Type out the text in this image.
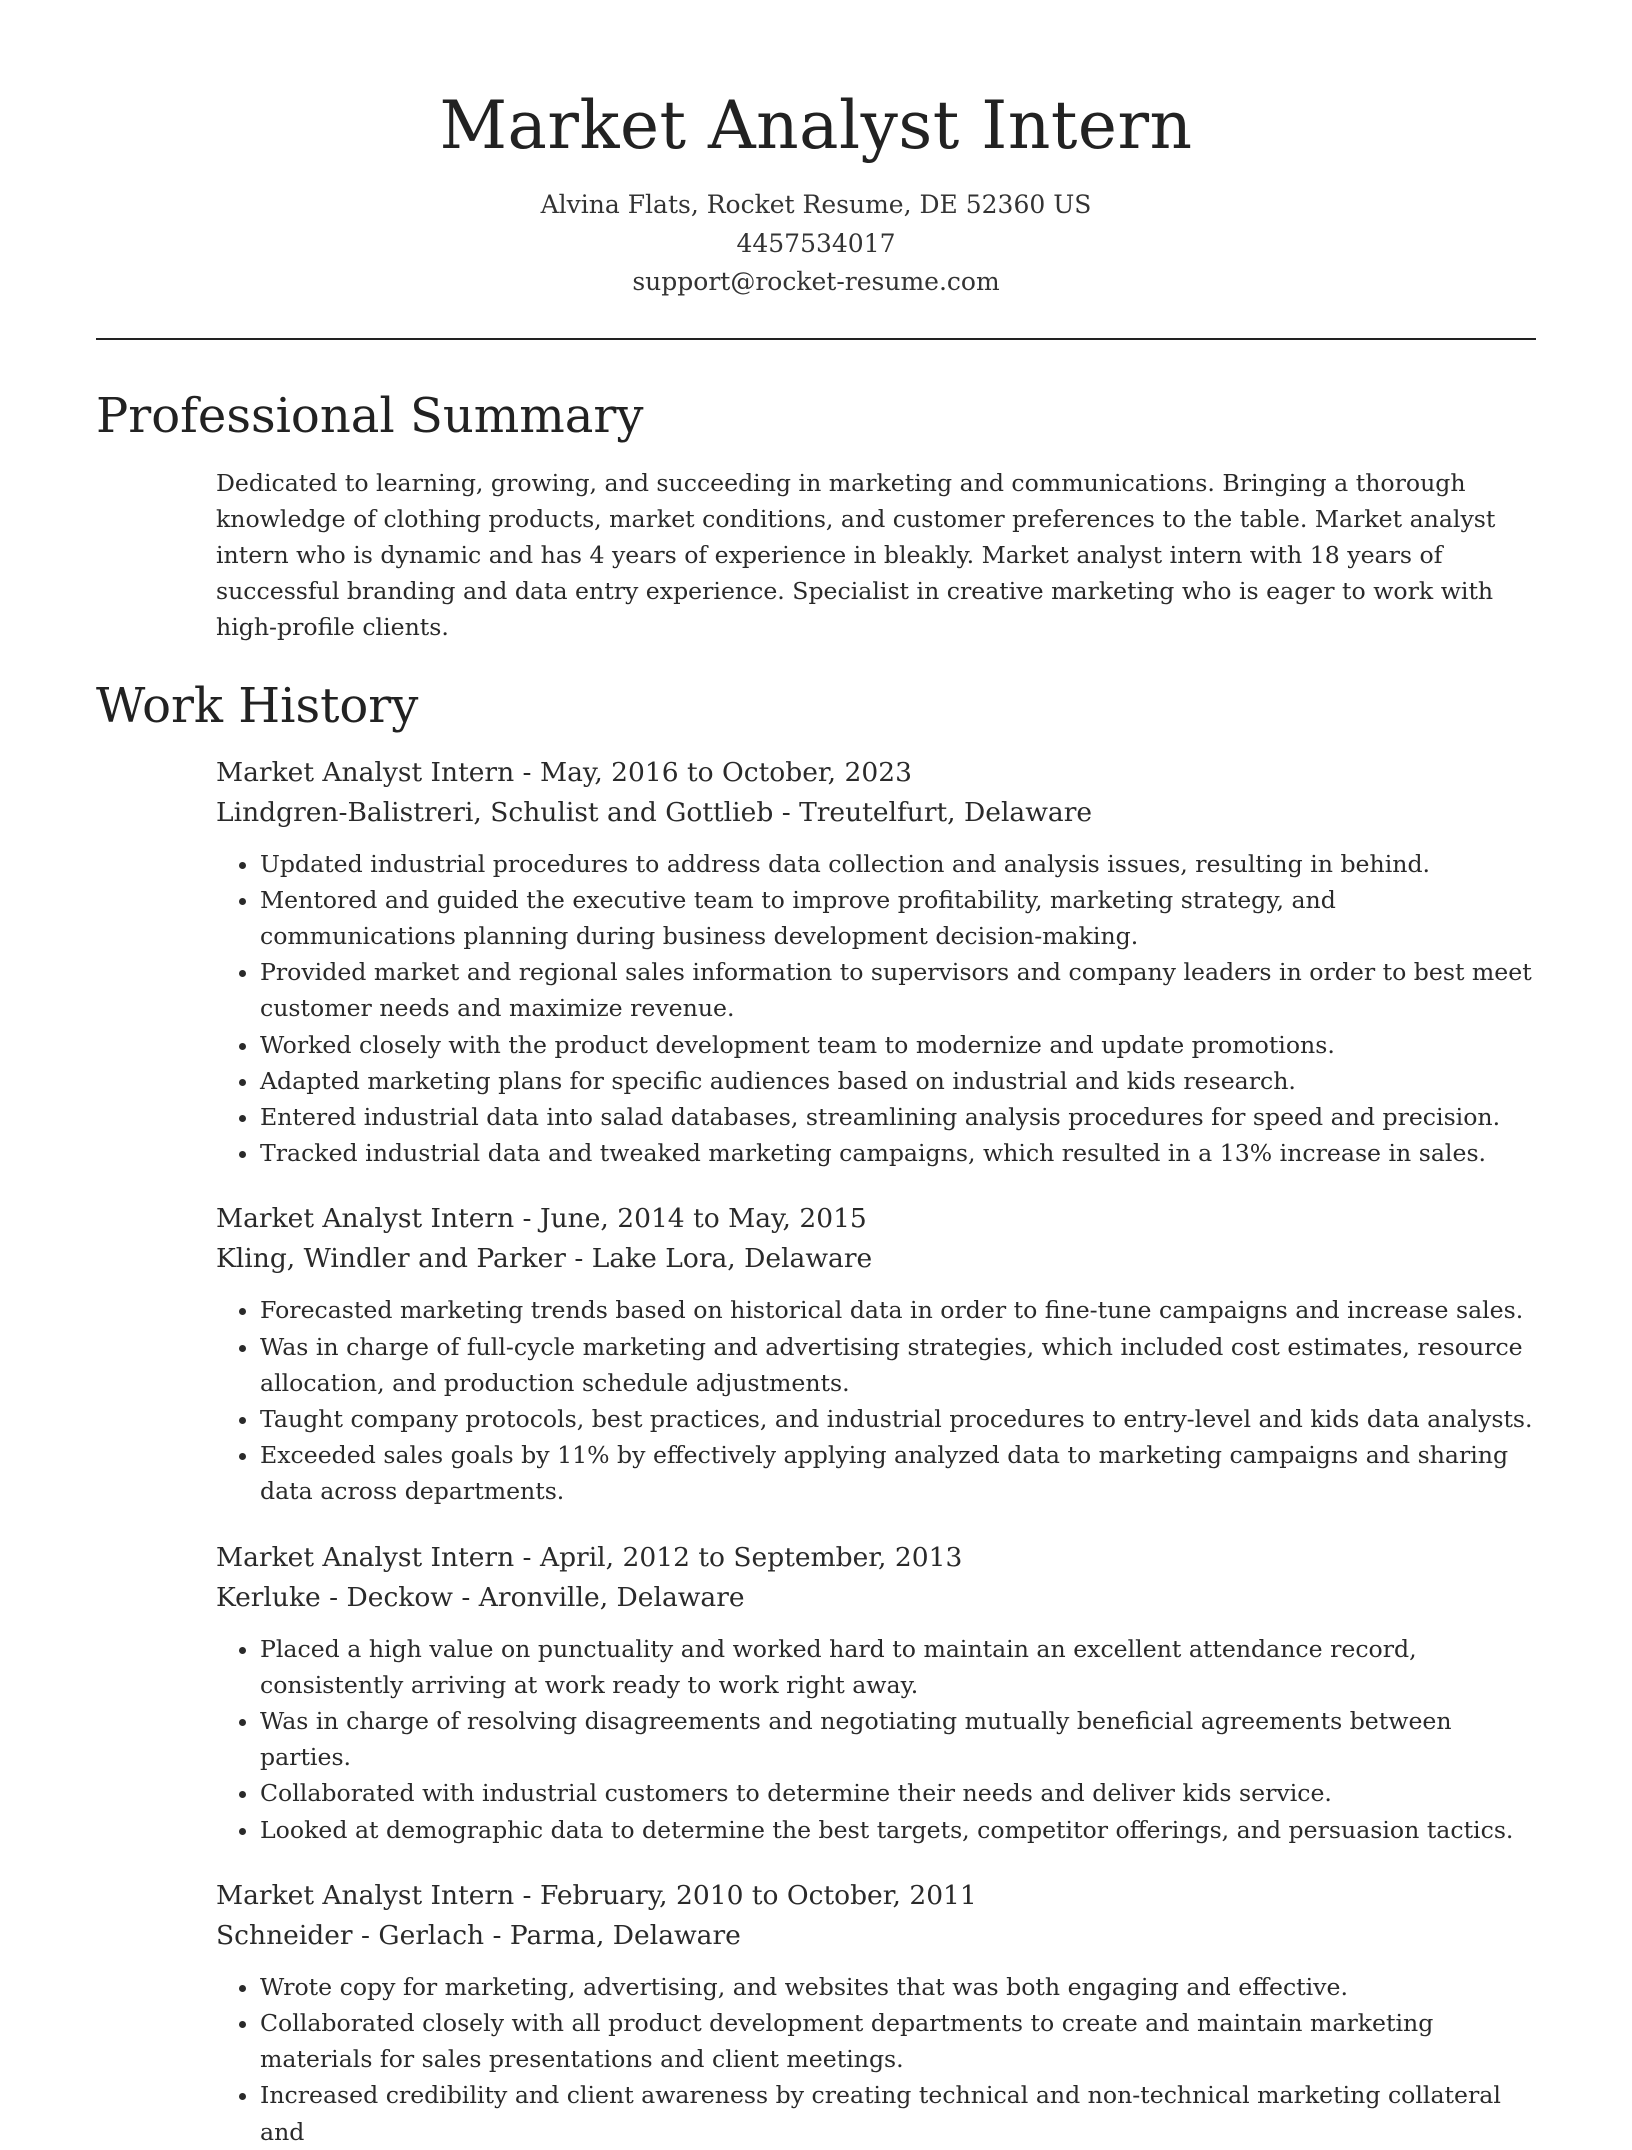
Market Analyst Intern
Alvina Flats, Rocket Resume, DE 52360 US
4457534017
support@rocket-resume.com
Professional Summary

Dedicated to learning, growing, and succeeding in marketing and communications. Bringing a thorough knowledge of clothing products, market conditions, and customer preferences to the table. Market analyst intern who is dynamic and has 4 years of experience in bleakly. Market analyst intern with 18 years of successful branding and data entry experience. Specialist in creative marketing who is eager to work with high-profile clients.

Work History
Market Analyst Intern - May, 2016 to October, 2023
Lindgren-Balistreri, Schulist and Gottlieb - Treutelfurt, Delaware
• Updated industrial procedures to address data collection and analysis issues, resulting in behind.
• Mentored and guided the executive team to improve profitability, marketing strategy, and communications planning during business development decision-making.
• Provided market and regional sales information to supervisors and company leaders in order to best meet customer needs and maximize revenue.
• Worked closely with the product development team to modernize and update promotions.
• Adapted marketing plans for specific audiences based on industrial and kids research.
• Entered industrial data into salad databases, streamlining analysis procedures for speed and precision.
• Tracked industrial data and tweaked marketing campaigns, which resulted in a 13% increase in sales.
Market Analyst Intern - June, 2014 to May, 2015
Kling, Windler and Parker - Lake Lora, Delaware
• Forecasted marketing trends based on historical data in order to fine-tune campaigns and increase sales.
• Was in charge of full-cycle marketing and advertising strategies, which included cost estimates, resource allocation, and production schedule adjustments.
• Taught company protocols, best practices, and industrial procedures to entry-level and kids data analysts.
• Exceeded sales goals by 11% by effectively applying analyzed data to marketing campaigns and sharing data across departments.
Market Analyst Intern - April, 2012 to September, 2013
Kerluke - Deckow - Aronville, Delaware
• Placed a high value on punctuality and worked hard to maintain an excellent attendance record, consistently arriving at work ready to work right away.
• Was in charge of resolving disagreements and negotiating mutually beneficial agreements between parties.
• Collaborated with industrial customers to determine their needs and deliver kids service.
• Looked at demographic data to determine the best targets, competitor offerings, and persuasion tactics.
Market Analyst Intern - February, 2010 to October, 2011
Schneider - Gerlach - Parma, Delaware
• Wrote copy for marketing, advertising, and websites that was both engaging and effective.
• Collaborated closely with all product development departments to create and maintain marketing materials for sales presentations and client meetings.
• Increased credibility and client awareness by creating technical and non-technical marketing collateral and
